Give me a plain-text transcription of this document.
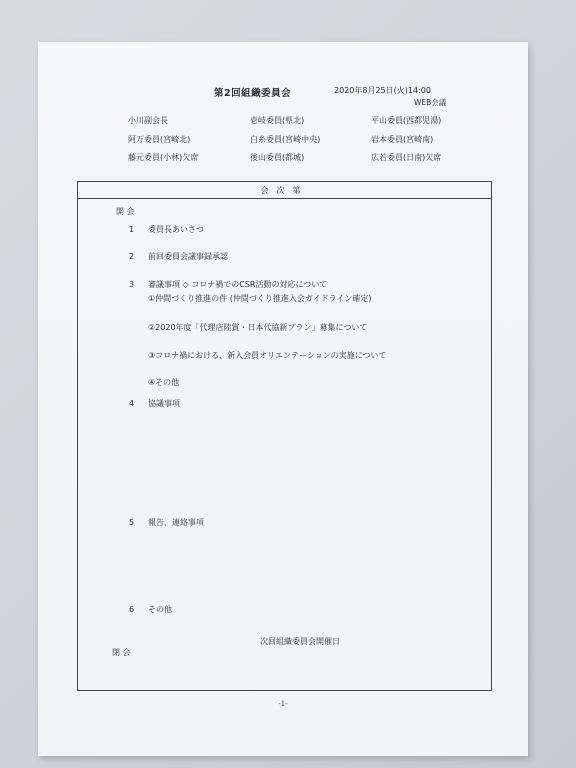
第2回組織委員会	2020年8月25日(火)14:00
WEB会議
小川副会長	壱岐委員(県北)	平山委員(西都児湯)
阿万委員(宮崎北)	白糸委員(宮崎中央)	岩本委員(宮崎南)
藤元委員(小林)欠席	後山委員(都城)	広若委員(日南)欠席
会次第
開 会
1 委員長あいさつ
2 前回委員会議事録承認
3 審議事項 ◇ コロナ禍でのCSR活動の対応について
①仲間づくり推進の件 (仲間づくり推進入会ガイドライン確定)
②2020年度「代理店陸賞・日本代協新プラン」募集について
③コロナ禍における、新入会員オリエンテーションの実施について
④その他
4 協議事項
5 報告、連絡事項
6 その他
次回組織委員会開催日
閉 会
-1-
